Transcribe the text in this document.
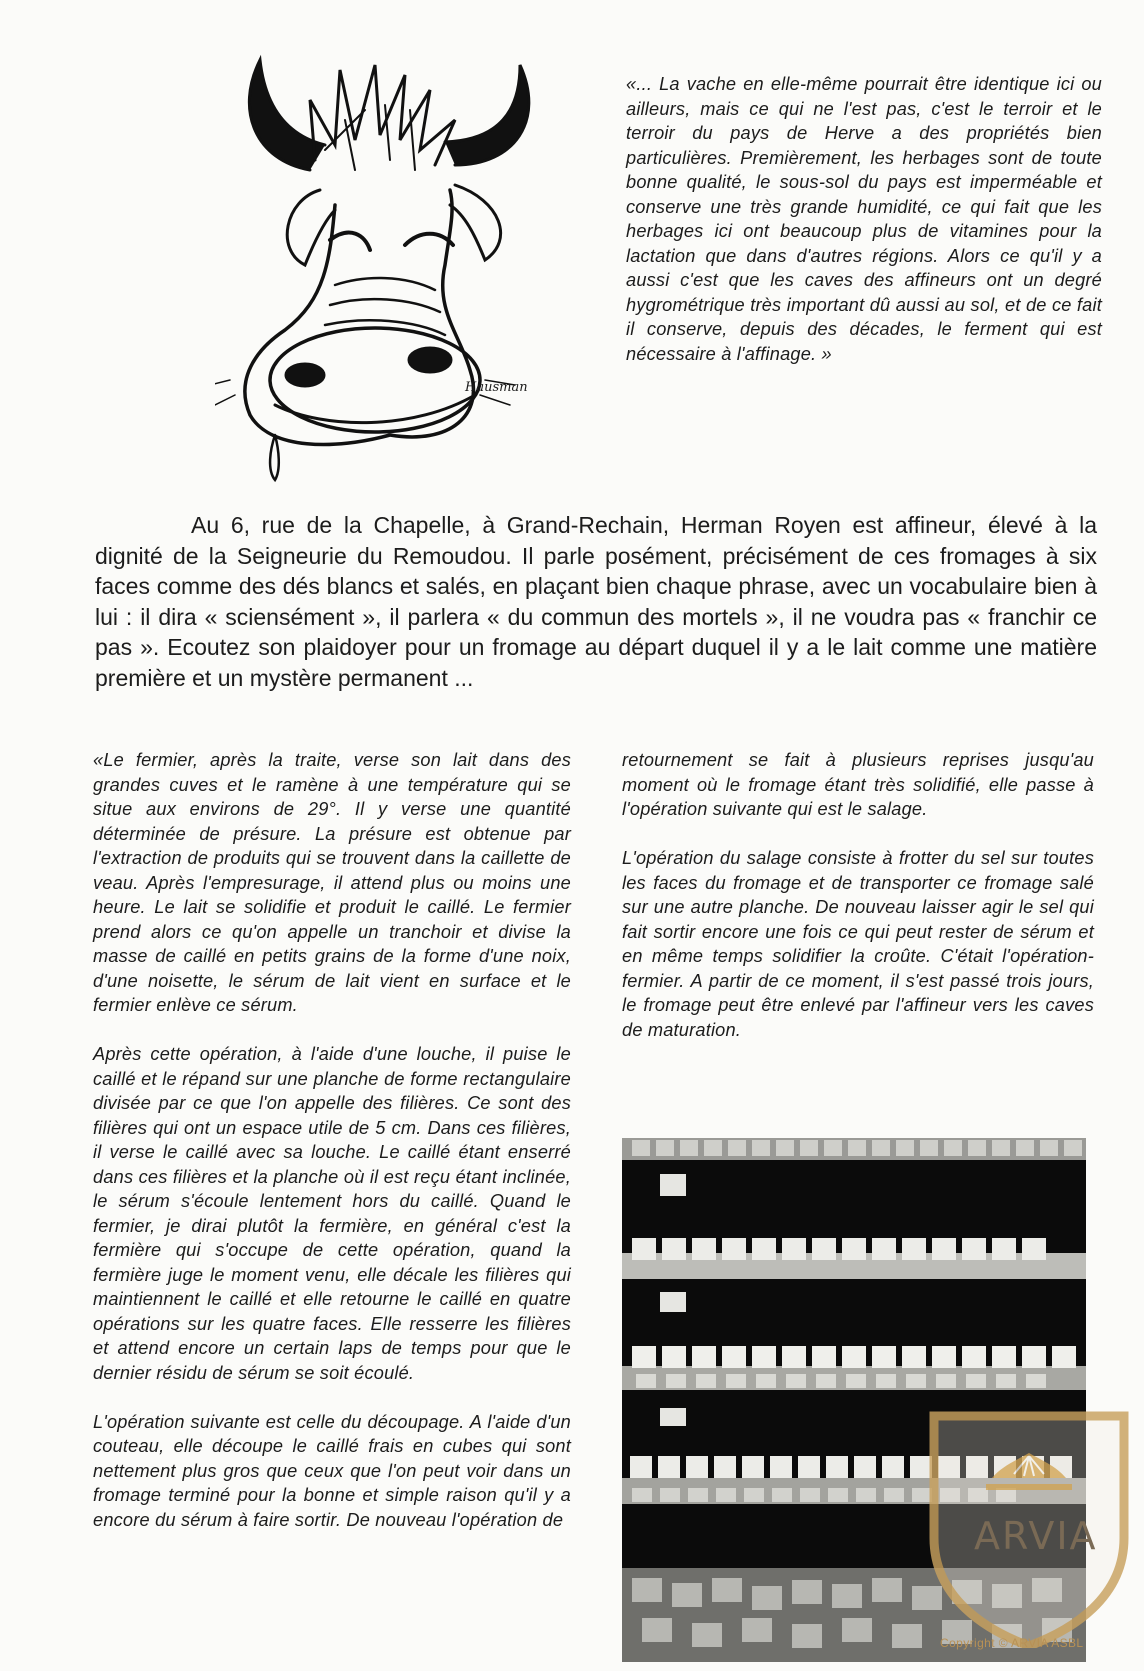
Hausman
«... La vache en elle-même pourrait être identique ici ou ailleurs, mais ce qui ne l'est pas, c'est le terroir et le terroir du pays de Herve a des propriétés bien particulières. Premièrement, les herbages sont de toute bonne qualité, le sous-sol du pays est imperméable et conserve une très grande humidité, ce qui fait que les herbages ici ont beaucoup plus de vitamines pour la lactation que dans d'autres régions. Alors ce qu'il y a aussi c'est que les caves des affineurs ont un degré hygrométrique très important dû aussi au sol, et de ce fait il conserve, depuis des décades, le ferment qui est nécessaire à l'affinage. »
Au 6, rue de la Chapelle, à Grand-Rechain, Herman Royen est affineur, élevé à la dignité de la Seigneurie du Remoudou. Il parle posément, précisément de ces fromages à six faces comme des dés blancs et salés, en plaçant bien chaque phrase, avec un vocabulaire bien à lui : il dira « sciensément », il parlera « du commun des mortels », il ne voudra pas « franchir ce pas ». Ecoutez son plaidoyer pour un fromage au départ duquel il y a le lait comme une matière première et un mystère permanent ...

«Le fermier, après la traite, verse son lait dans des grandes cuves et le ramène à une température qui se situe aux environs de 29°. Il y verse une quantité déterminée de présure. La présure est obtenue par l'extraction de produits qui se trouvent dans la caillette de veau. Après l'empresurage, il attend plus ou moins une heure. Le lait se solidifie et produit le caillé. Le fermier prend alors ce qu'on appelle un tranchoir et divise la masse de caillé en petits grains de la forme d'une noix, d'une noisette, le sérum de lait vient en surface et le fermier enlève ce sérum.

Après cette opération, à l'aide d'une louche, il puise le caillé et le répand sur une planche de forme rectangulaire divisée par ce que l'on appelle des filières. Ce sont des filières qui ont un espace utile de 5 cm. Dans ces filières, il verse le caillé avec sa louche. Le caillé étant enserré dans ces filières et la planche où il est reçu étant inclinée, le sérum s'écoule lentement hors du caillé. Quand le fermier, je dirai plutôt la fermière, en général c'est la fermière qui s'occupe de cette opération, quand la fermière juge le moment venu, elle décale les filières qui maintiennent le caillé et elle retourne le caillé en quatre opérations sur les quatre faces. Elle resserre les filières et attend encore un certain laps de temps pour que le dernier résidu de sérum se soit écoulé.

L'opération suivante est celle du découpage. A l'aide d'un couteau, elle découpe le caillé frais en cubes qui sont nettement plus gros que ceux que l'on peut voir dans un fromage terminé pour la bonne et simple raison qu'il y a encore du sérum à faire sortir. De nouveau l'opération de

retournement se fait à plusieurs reprises jusqu'au moment où le fromage étant très solidifié, elle passe à l'opération suivante qui est le salage.

L'opération du salage consiste à frotter du sel sur toutes les faces du fromage et de transporter ce fromage salé sur une autre planche. De nouveau laisser agir le sel qui fait sortir encore une fois ce qui peut rester de sérum et en même temps solidifier la croûte. C'était l'opération-fermier. A partir de ce moment, il s'est passé trois jours, le fromage peut être enlevé par l'affineur vers les caves de maturation.

ARVIA
Copyright © ARVIA ASBL
